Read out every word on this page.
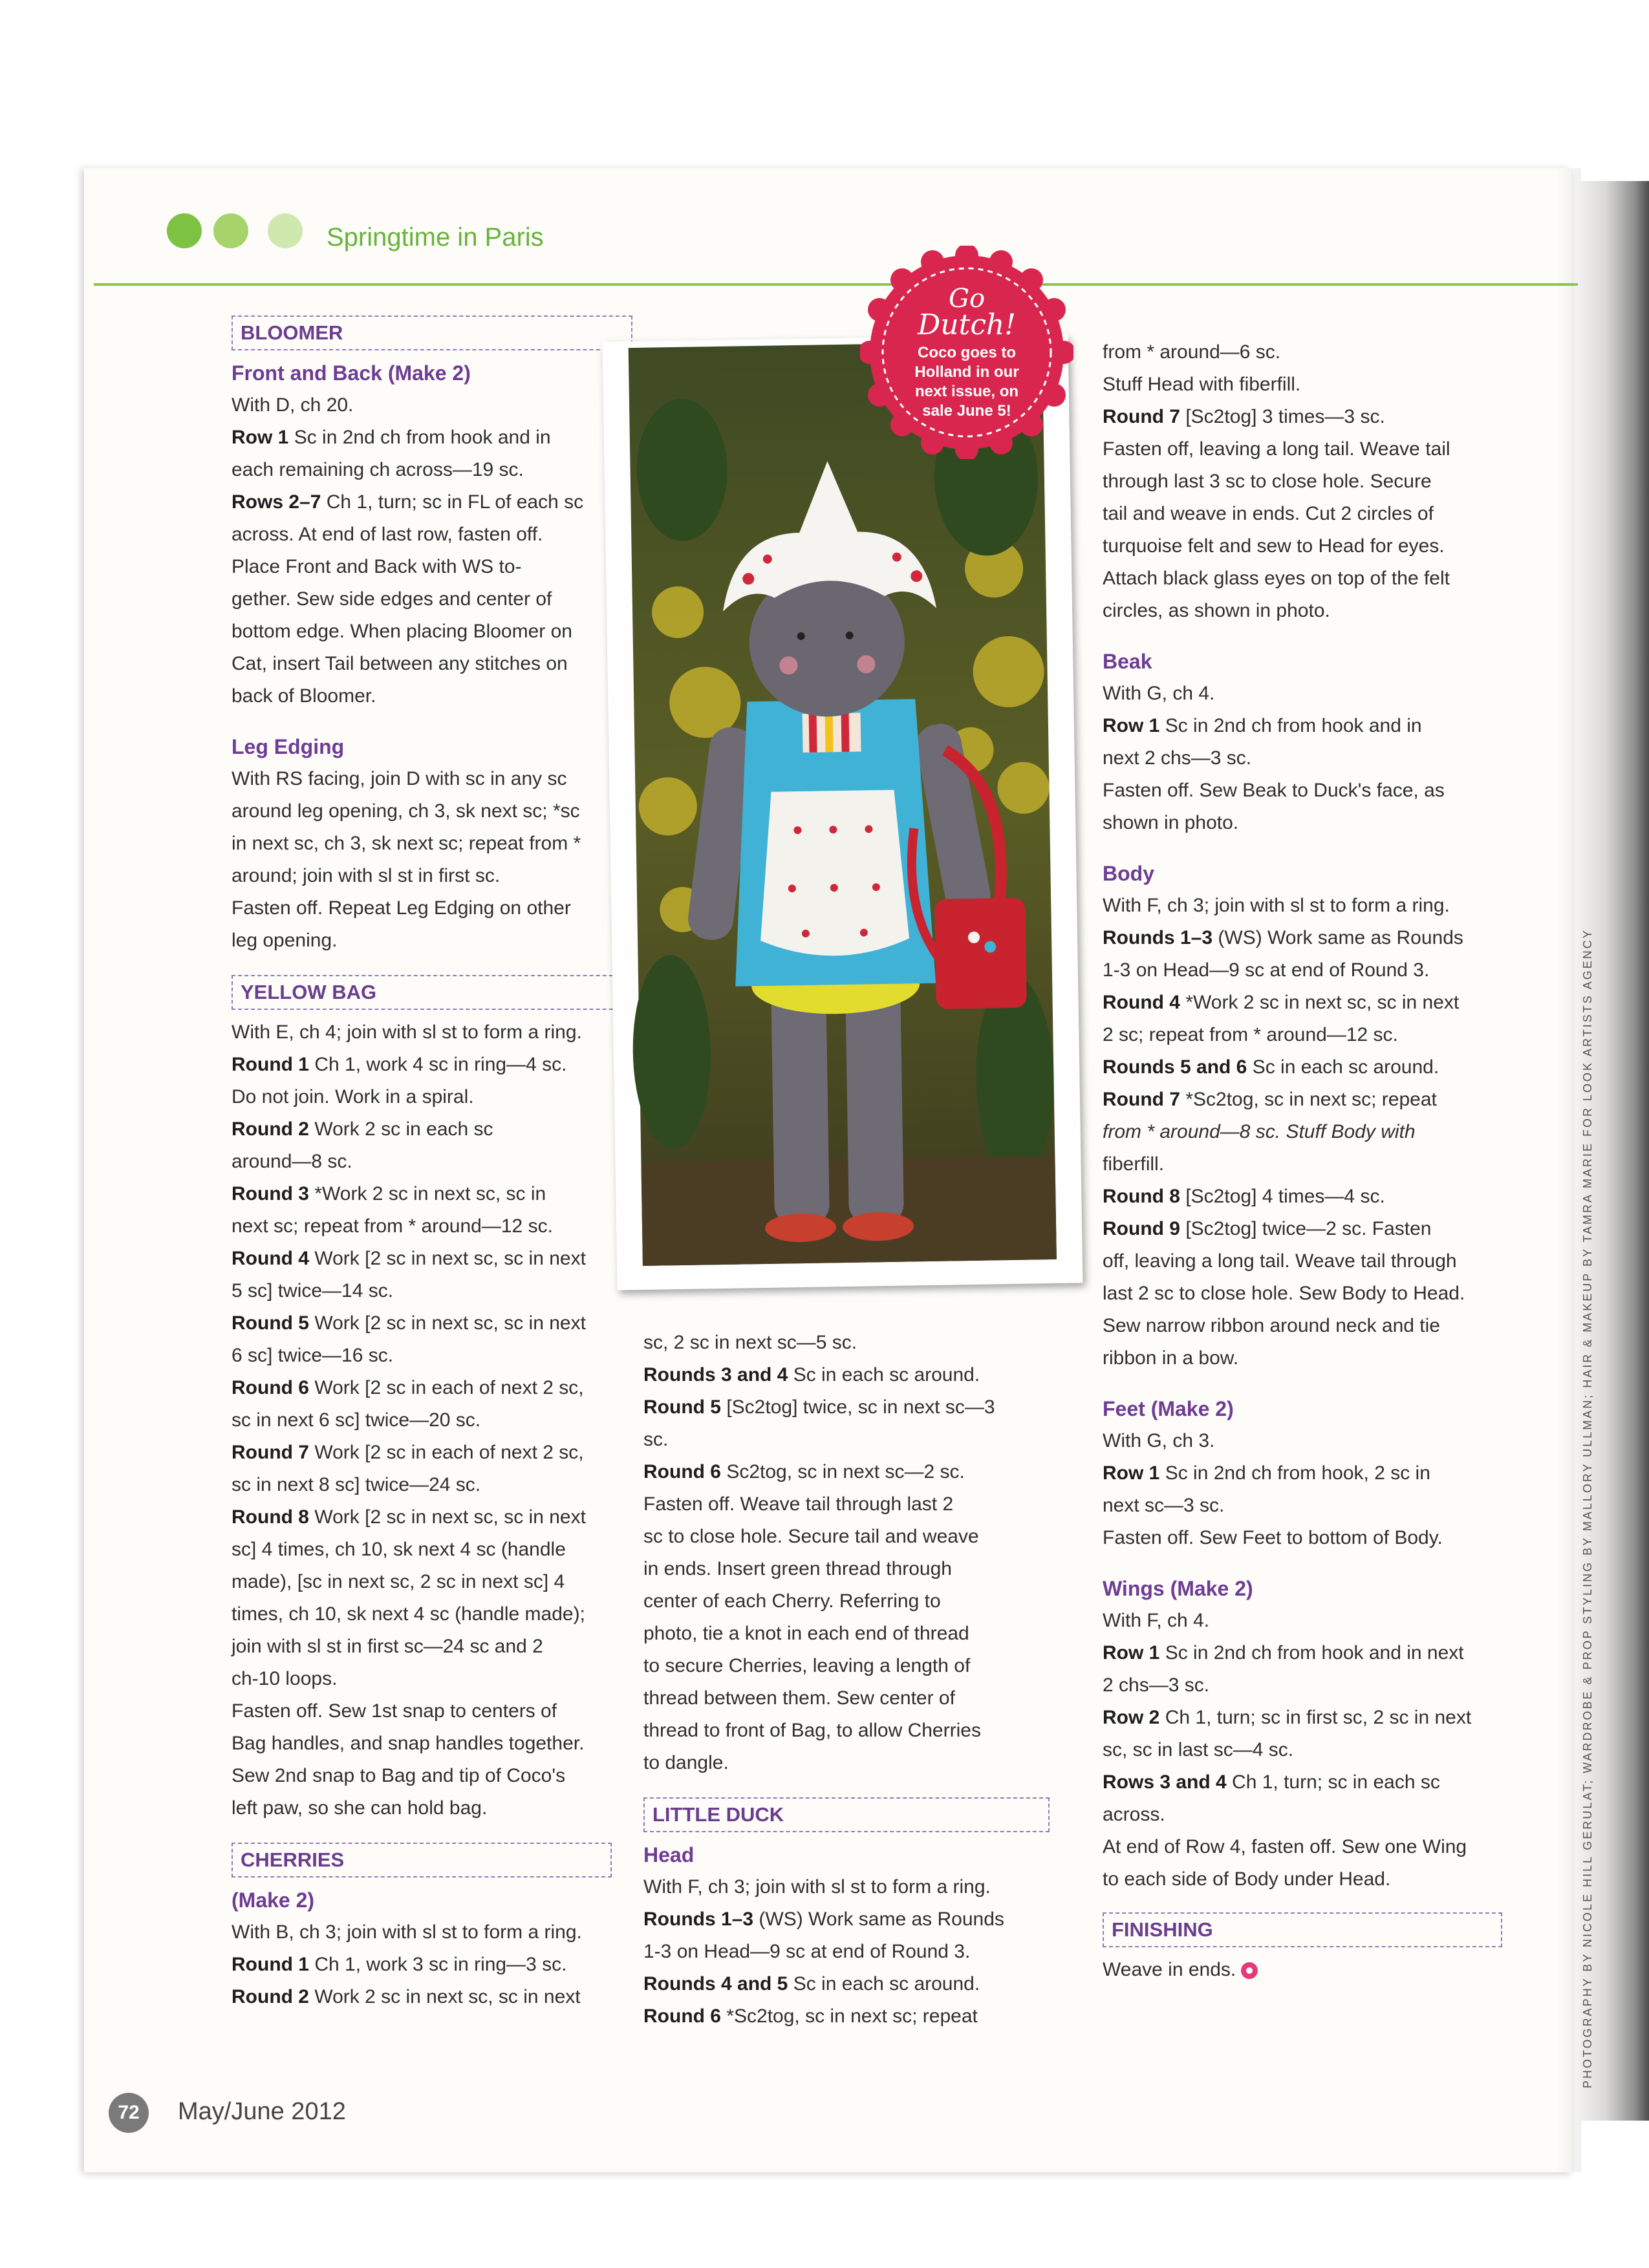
Springtime in Paris
BLOOMER

Front and Back (Make 2)

With D, ch 20.

Row 1 Sc in 2nd ch from hook and in

each remaining ch across—19 sc.

Rows 2–7 Ch 1, turn; sc in FL of each sc

across. At end of last row, fasten off.

Place Front and Back with WS to-

gether. Sew side edges and center of

bottom edge. When placing Bloomer on

Cat, insert Tail between any stitches on

back of Bloomer.

Leg Edging

With RS facing, join D with sc in any sc

around leg opening, ch 3, sk next sc; *sc

in next sc, ch 3, sk next sc; repeat from *

around; join with sl st in first sc.

Fasten off. Repeat Leg Edging on other

leg opening.

YELLOW BAG

With E, ch 4; join with sl st to form a ring.

Round 1 Ch 1, work 4 sc in ring—4 sc.

Do not join. Work in a spiral.

Round 2 Work 2 sc in each sc

around—8 sc.

Round 3 *Work 2 sc in next sc, sc in

next sc; repeat from * around—12 sc.

Round 4 Work [2 sc in next sc, sc in next

5 sc] twice—14 sc.

Round 5 Work [2 sc in next sc, sc in next

6 sc] twice—16 sc.

Round 6 Work [2 sc in each of next 2 sc,

sc in next 6 sc] twice—20 sc.

Round 7 Work [2 sc in each of next 2 sc,

sc in next 8 sc] twice—24 sc.

Round 8 Work [2 sc in next sc, sc in next

sc] 4 times, ch 10, sk next 4 sc (handle

made), [sc in next sc, 2 sc in next sc] 4

times, ch 10, sk next 4 sc (handle made);

join with sl st in first sc—24 sc and 2

ch-10 loops.

Fasten off. Sew 1st snap to centers of

Bag handles, and snap handles together.

Sew 2nd snap to Bag and tip of Coco's

left paw, so she can hold bag.

CHERRIES

(Make 2)

With B, ch 3; join with sl st to form a ring.

Round 1 Ch 1, work 3 sc in ring—3 sc.

Round 2 Work 2 sc in next sc, sc in next

Go
Dutch!
Coco goes to
Holland in our
next issue, on
sale June 5!

sc, 2 sc in next sc—5 sc.

Rounds 3 and 4 Sc in each sc around.

Round 5 [Sc2tog] twice, sc in next sc—3

sc.

Round 6 Sc2tog, sc in next sc—2 sc.

Fasten off. Weave tail through last 2

sc to close hole. Secure tail and weave

in ends. Insert green thread through

center of each Cherry. Referring to

photo, tie a knot in each end of thread

to secure Cherries, leaving a length of

thread between them. Sew center of

thread to front of Bag, to allow Cherries

to dangle.

LITTLE DUCK

Head

With F, ch 3; join with sl st to form a ring.

Rounds 1–3 (WS) Work same as Rounds

1-3 on Head—9 sc at end of Round 3.

Rounds 4 and 5 Sc in each sc around.

Round 6 *Sc2tog, sc in next sc; repeat

from * around—6 sc.

Stuff Head with fiberfill.

Round 7 [Sc2tog] 3 times—3 sc.

Fasten off, leaving a long tail. Weave tail

through last 3 sc to close hole. Secure

tail and weave in ends. Cut 2 circles of

turquoise felt and sew to Head for eyes.

Attach black glass eyes on top of the felt

circles, as shown in photo.

Beak

With G, ch 4.

Row 1 Sc in 2nd ch from hook and in

next 2 chs—3 sc.

Fasten off. Sew Beak to Duck's face, as

shown in photo.

Body

With F, ch 3; join with sl st to form a ring.

Rounds 1–3 (WS) Work same as Rounds

1-3 on Head—9 sc at end of Round 3.

Round 4 *Work 2 sc in next sc, sc in next

2 sc; repeat from * around—12 sc.

Rounds 5 and 6 Sc in each sc around.

Round 7 *Sc2tog, sc in next sc; repeat

from * around—8 sc. Stuff Body with

fiberfill.

Round 8 [Sc2tog] 4 times—4 sc.

Round 9 [Sc2tog] twice—2 sc. Fasten

off, leaving a long tail. Weave tail through

last 2 sc to close hole. Sew Body to Head.

Sew narrow ribbon around neck and tie

ribbon in a bow.

Feet (Make 2)

With G, ch 3.

Row 1 Sc in 2nd ch from hook, 2 sc in

next sc—3 sc.

Fasten off. Sew Feet to bottom of Body.

Wings (Make 2)

With F, ch 4.

Row 1 Sc in 2nd ch from hook and in next

2 chs—3 sc.

Row 2 Ch 1, turn; sc in first sc, 2 sc in next

sc, sc in last sc—4 sc.

Rows 3 and 4 Ch 1, turn; sc in each sc

across.

At end of Row 4, fasten off. Sew one Wing

to each side of Body under Head.

FINISHING

Weave in ends.

72	May/June 2012
PHOTOGRAPHY BY NICOLE HILL GERULAT; WARDROBE & PROP STYLING BY MALLORY ULLMAN; HAIR & MAKEUP BY TAMRA MARIE FOR LOOK ARTISTS AGENCY
